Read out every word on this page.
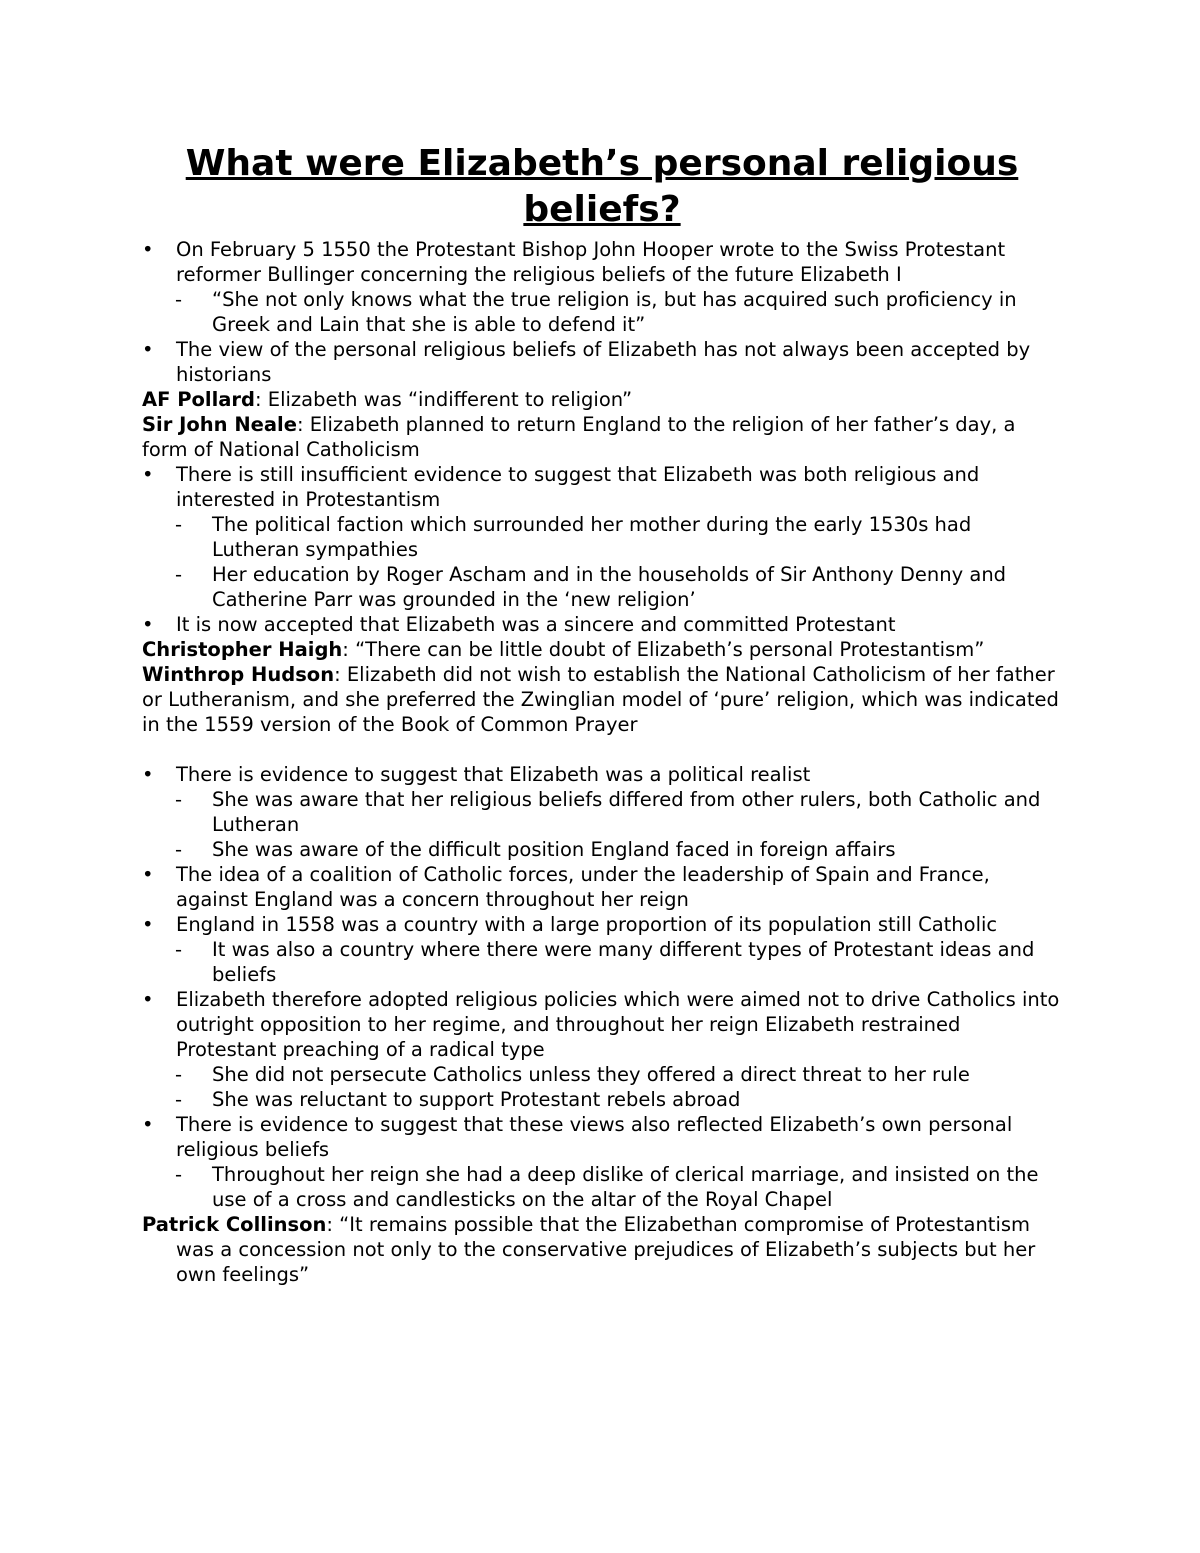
What were Elizabeth’s personal religious beliefs?
•	On February 5 1550 the Protestant Bishop John Hooper wrote to the Swiss Protestant reformer Bullinger concerning the religious beliefs of the future Elizabeth I
-	“She not only knows what the true religion is, but has acquired such proficiency in Greek and Lain that she is able to defend it”
•	The view of the personal religious beliefs of Elizabeth has not always been accepted by historians
AF Pollard: Elizabeth was “indifferent to religion”
Sir John Neale: Elizabeth planned to return England to the religion of her father’s day, a form of National Catholicism
•	There is still insufficient evidence to suggest that Elizabeth was both religious and interested in Protestantism
-	The political faction which surrounded her mother during the early 1530s had Lutheran sympathies
-	Her education by Roger Ascham and in the households of Sir Anthony Denny and Catherine Parr was grounded in the ‘new religion’
•	It is now accepted that Elizabeth was a sincere and committed Protestant
Christopher Haigh: “There can be little doubt of Elizabeth’s personal Protestantism”
Winthrop Hudson: Elizabeth did not wish to establish the National Catholicism of her father or Lutheranism, and she preferred the Zwinglian model of ‘pure’ religion, which was indicated in the 1559 version of the Book of Common Prayer
•	There is evidence to suggest that Elizabeth was a political realist
-	She was aware that her religious beliefs differed from other rulers, both Catholic and Lutheran
-	She was aware of the difficult position England faced in foreign affairs
•	The idea of a coalition of Catholic forces, under the leadership of Spain and France, against England was a concern throughout her reign
•	England in 1558 was a country with a large proportion of its population still Catholic
-	It was also a country where there were many different types of Protestant ideas and beliefs
•	Elizabeth therefore adopted religious policies which were aimed not to drive Catholics into outright opposition to her regime, and throughout her reign Elizabeth restrained Protestant preaching of a radical type
-	She did not persecute Catholics unless they offered a direct threat to her rule
-	She was reluctant to support Protestant rebels abroad
•	There is evidence to suggest that these views also reflected Elizabeth’s own personal religious beliefs
-	Throughout her reign she had a deep dislike of clerical marriage, and insisted on the use of a cross and candlesticks on the altar of the Royal Chapel
Patrick Collinson: “It remains possible that the Elizabethan compromise of Protestantism was a concession not only to the conservative prejudices of Elizabeth’s subjects but her own feelings”
